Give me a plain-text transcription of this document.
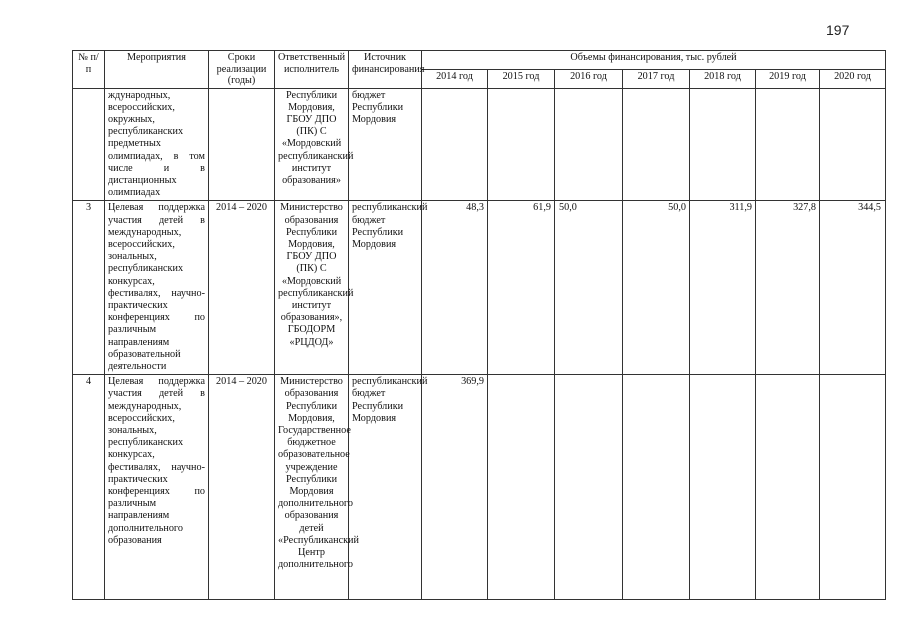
197
№ п/п	Мероприятия	Сроки реализации (годы)	Ответственный исполнитель	Источник финансирования	Объемы финансирования, тыс. рублей						
					2014 год	2015 год	2016 год	2017 год	2018 год	2019 год	2020 год
	ждународных, всероссийских, окружных, республиканских предметных олимпиадах, в том числе и в дистанционных олимпиадах		Республики Мордовия, ГБОУ ДПО (ПК) С «Мордовский республиканский институт образования»	бюджет Республики Мордовия							
3	Целевая поддержка участия детей в международных, всероссийских, зональных, республиканских конкурсах, фестивалях, научно-практических конференциях по различным направлениям образовательной деятельности	2014 – 2020	Министерство образования Республики Мордовия, ГБОУ ДПО (ПК) С «Мордовский республиканский институт образования», ГБОДОРМ «РЦДОД»	республиканский бюджет Республики Мордовия	48,3	61,9	50,0	50,0	311,9	327,8	344,5
4	Целевая поддержка участия детей в международных, всероссийских, зональных, республиканских конкурсах, фестивалях, научно-практических конференциях по различным направлениям дополнительного образования	2014 – 2020	Министерство образования Республики Мордовия, Государственное бюджетное образовательное учреждение Республики Мордовия дополнительного образования детей «Республиканский Центр дополнительного	республиканский бюджет Республики Мордовия	369,9						
